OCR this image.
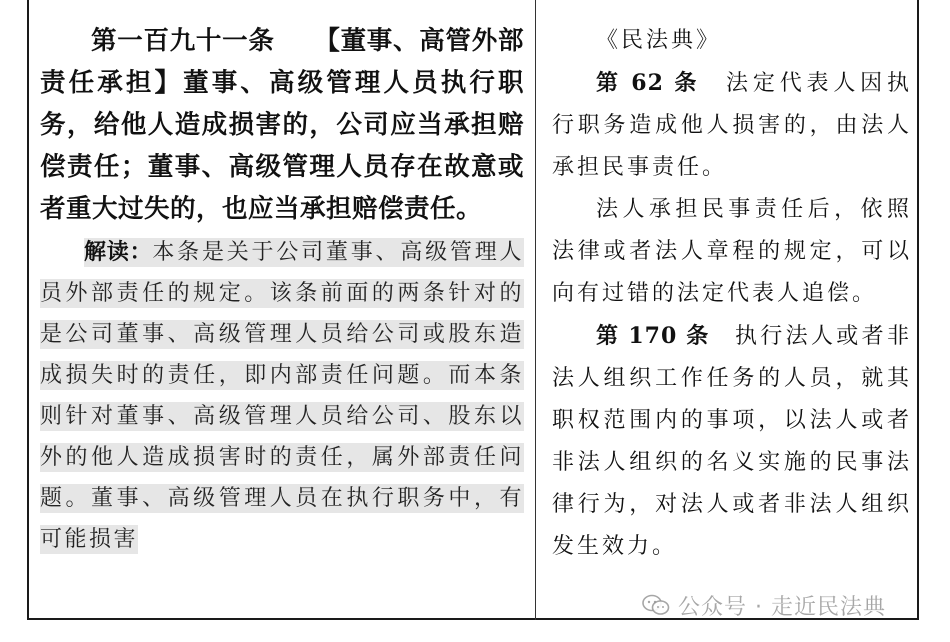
第一百九十一条　　 【董事、高管外部责任承担】董事、高级管理人员执行职务，给他人造成损害的，公司应当承担赔偿责任；董事、高级管理人员存在故意或者重大过失的，也应当承担赔偿责任。

解读：本条是关于公司董事、高级管理人员外部责任的规定。该条前面的两条针对的是公司董事、高级管理人员给公司或股东造成损失时的责任，即内部责任问题。而本条则针对董事、高级管理人员给公司、股东以外的他人造成损害时的责任，属外部责任问题。董事、高级管理人员在执行职务中，有可能损害

《民法典》

第 62 条　 法定代表人因执行职务造成他人损害的，由法人承担民事责任。

法人承担民事责任后，依照法律或者法人章程的规定，可以向有过错的法定代表人追偿。

第 170 条　 执行法人或者非法人组织工作任务的人员，就其职权范围内的事项，以法人或者非法人组织的名义实施的民事法律行为，对法人或者非法人组织发生效力。

公众号 · 走近民法典
